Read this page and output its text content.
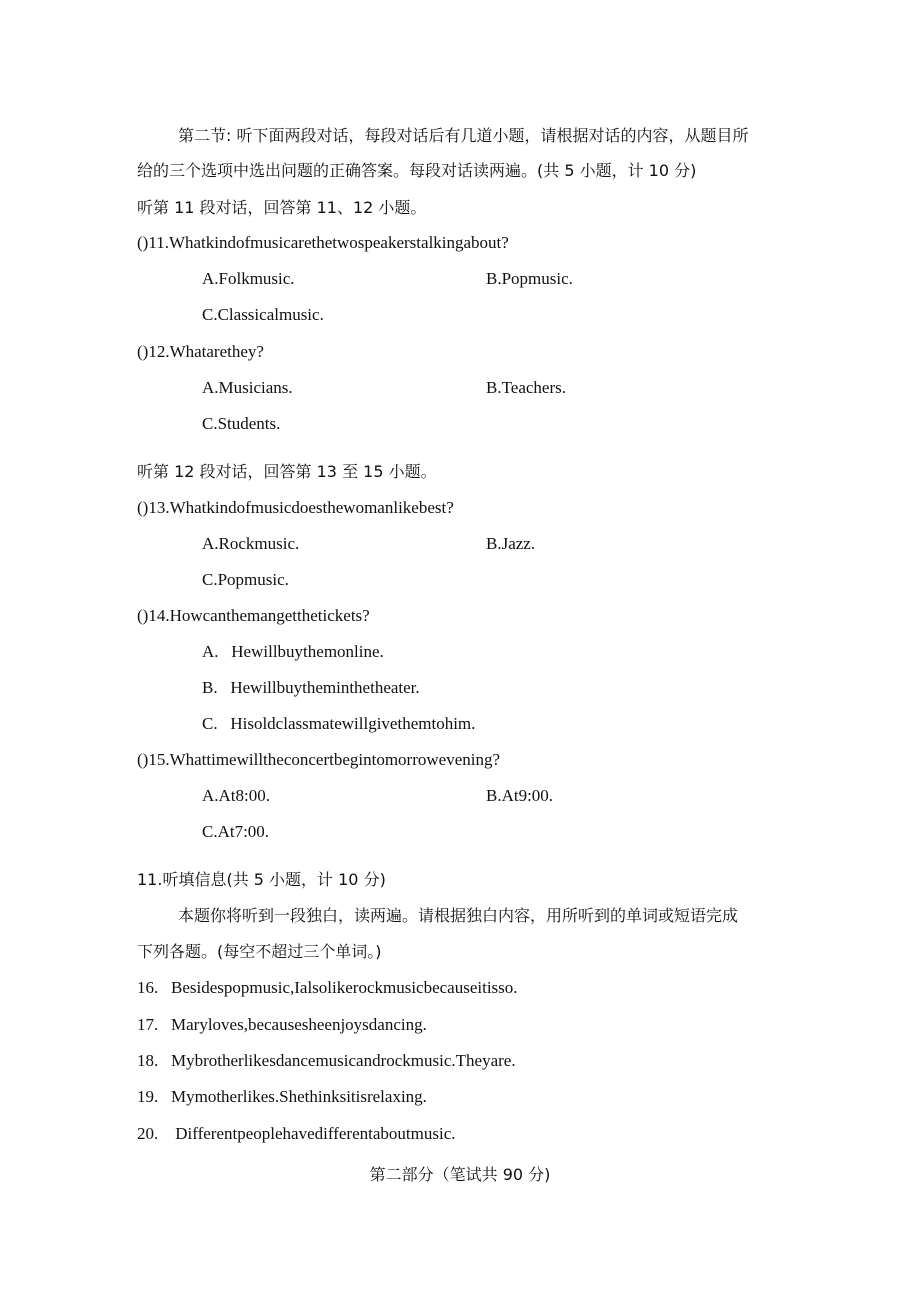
第二节: 听下面两段对话，每段对话后有几道小题，请根据对话的内容，从题目所
给的三个选项中选出问题的正确答案。每段对话读两遍。(共 5 小题，计 10 分)
听第 11 段对话，回答第 11、12 小题。
()11.Whatkindofmusicarethetwospeakerstalkingabout?
A.Folkmusic.	B.Popmusic.
C.Classicalmusic.
()12.Whatarethey?
A.Musicians.	B.Teachers.
C.Students.
听第 12 段对话，回答第 13 至 15 小题。
()13.Whatkindofmusicdoesthewomanlikebest?
A.Rockmusic.	B.Jazz.
C.Popmusic.
()14.Howcanthemangetthetickets?
A.   Hewillbuythemonline.
B.   Hewillbuytheminthetheater.
C.   Hisoldclassmatewillgivethemtohim.
()15.Whattimewilltheconcertbegintomorrowevening?
A.At8:00.	B.At9:00.
C.At7:00.
11.听填信息(共 5 小题，计 10 分)
本题你将听到一段独白，读两遍。请根据独白内容，用所听到的单词或短语完成
下列各题。(每空不超过三个单词。)
16.   Besidespopmusic,Ialsolikerockmusicbecauseitisso.
17.   Maryloves,becausesheenjoysdancing.
18.   Mybrotherlikesdancemusicandrockmusic.Theyare.
19.   Mymotherlikes.Shethinksitisrelaxing.
20.    Differentpeoplehavedifferentaboutmusic.
第二部分（笔试共 90 分)
